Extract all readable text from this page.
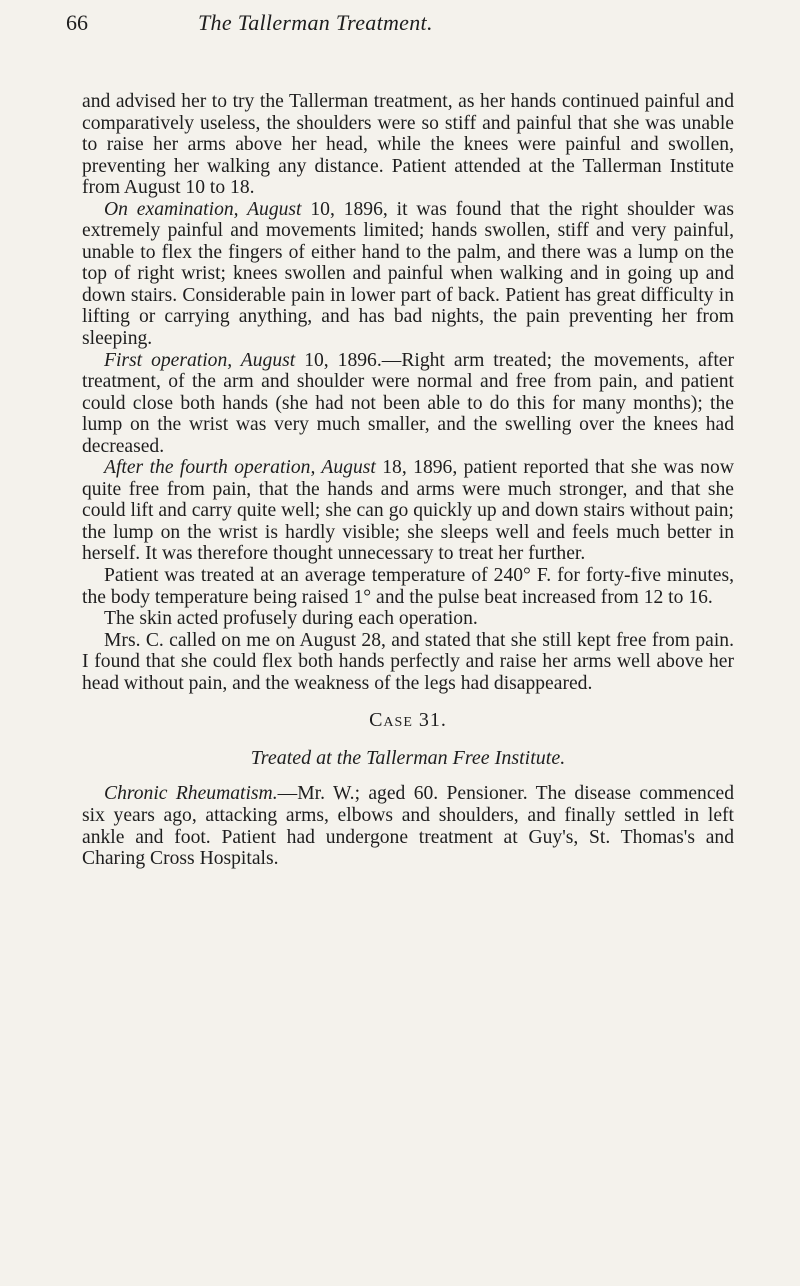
66	The Tallerman Treatment.

and advised her to try the Tallerman treatment, as her hands continued painful and comparatively useless, the shoulders were so stiff and painful that she was unable to raise her arms above her head, while the knees were painful and swollen, preventing her walking any distance. Patient attended at the Tallerman Institute from August 10 to 18.

On examination, August 10, 1896, it was found that the right shoulder was extremely painful and movements limited; hands swollen, stiff and very painful, unable to flex the fingers of either hand to the palm, and there was a lump on the top of right wrist; knees swollen and painful when walking and in going up and down stairs. Considerable pain in lower part of back. Patient has great difficulty in lifting or carrying anything, and has bad nights, the pain preventing her from sleeping.

First operation, August 10, 1896.—Right arm treated; the movements, after treatment, of the arm and shoulder were normal and free from pain, and patient could close both hands (she had not been able to do this for many months); the lump on the wrist was very much smaller, and the swelling over the knees had decreased.

After the fourth operation, August 18, 1896, patient reported that she was now quite free from pain, that the hands and arms were much stronger, and that she could lift and carry quite well; she can go quickly up and down stairs without pain; the lump on the wrist is hardly visible; she sleeps well and feels much better in herself. It was therefore thought unnecessary to treat her further.

Patient was treated at an average temperature of 240° F. for forty-five minutes, the body temperature being raised 1° and the pulse beat increased from 12 to 16.

The skin acted profusely during each operation.

Mrs. C. called on me on August 28, and stated that she still kept free from pain. I found that she could flex both hands perfectly and raise her arms well above her head without pain, and the weakness of the legs had disappeared.

Case 31.

Treated at the Tallerman Free Institute.

Chronic Rheumatism.—Mr. W.; aged 60. Pensioner. The disease commenced six years ago, attacking arms, elbows and shoulders, and finally settled in left ankle and foot. Patient had undergone treatment at Guy's, St. Thomas's and Charing Cross Hospitals.
